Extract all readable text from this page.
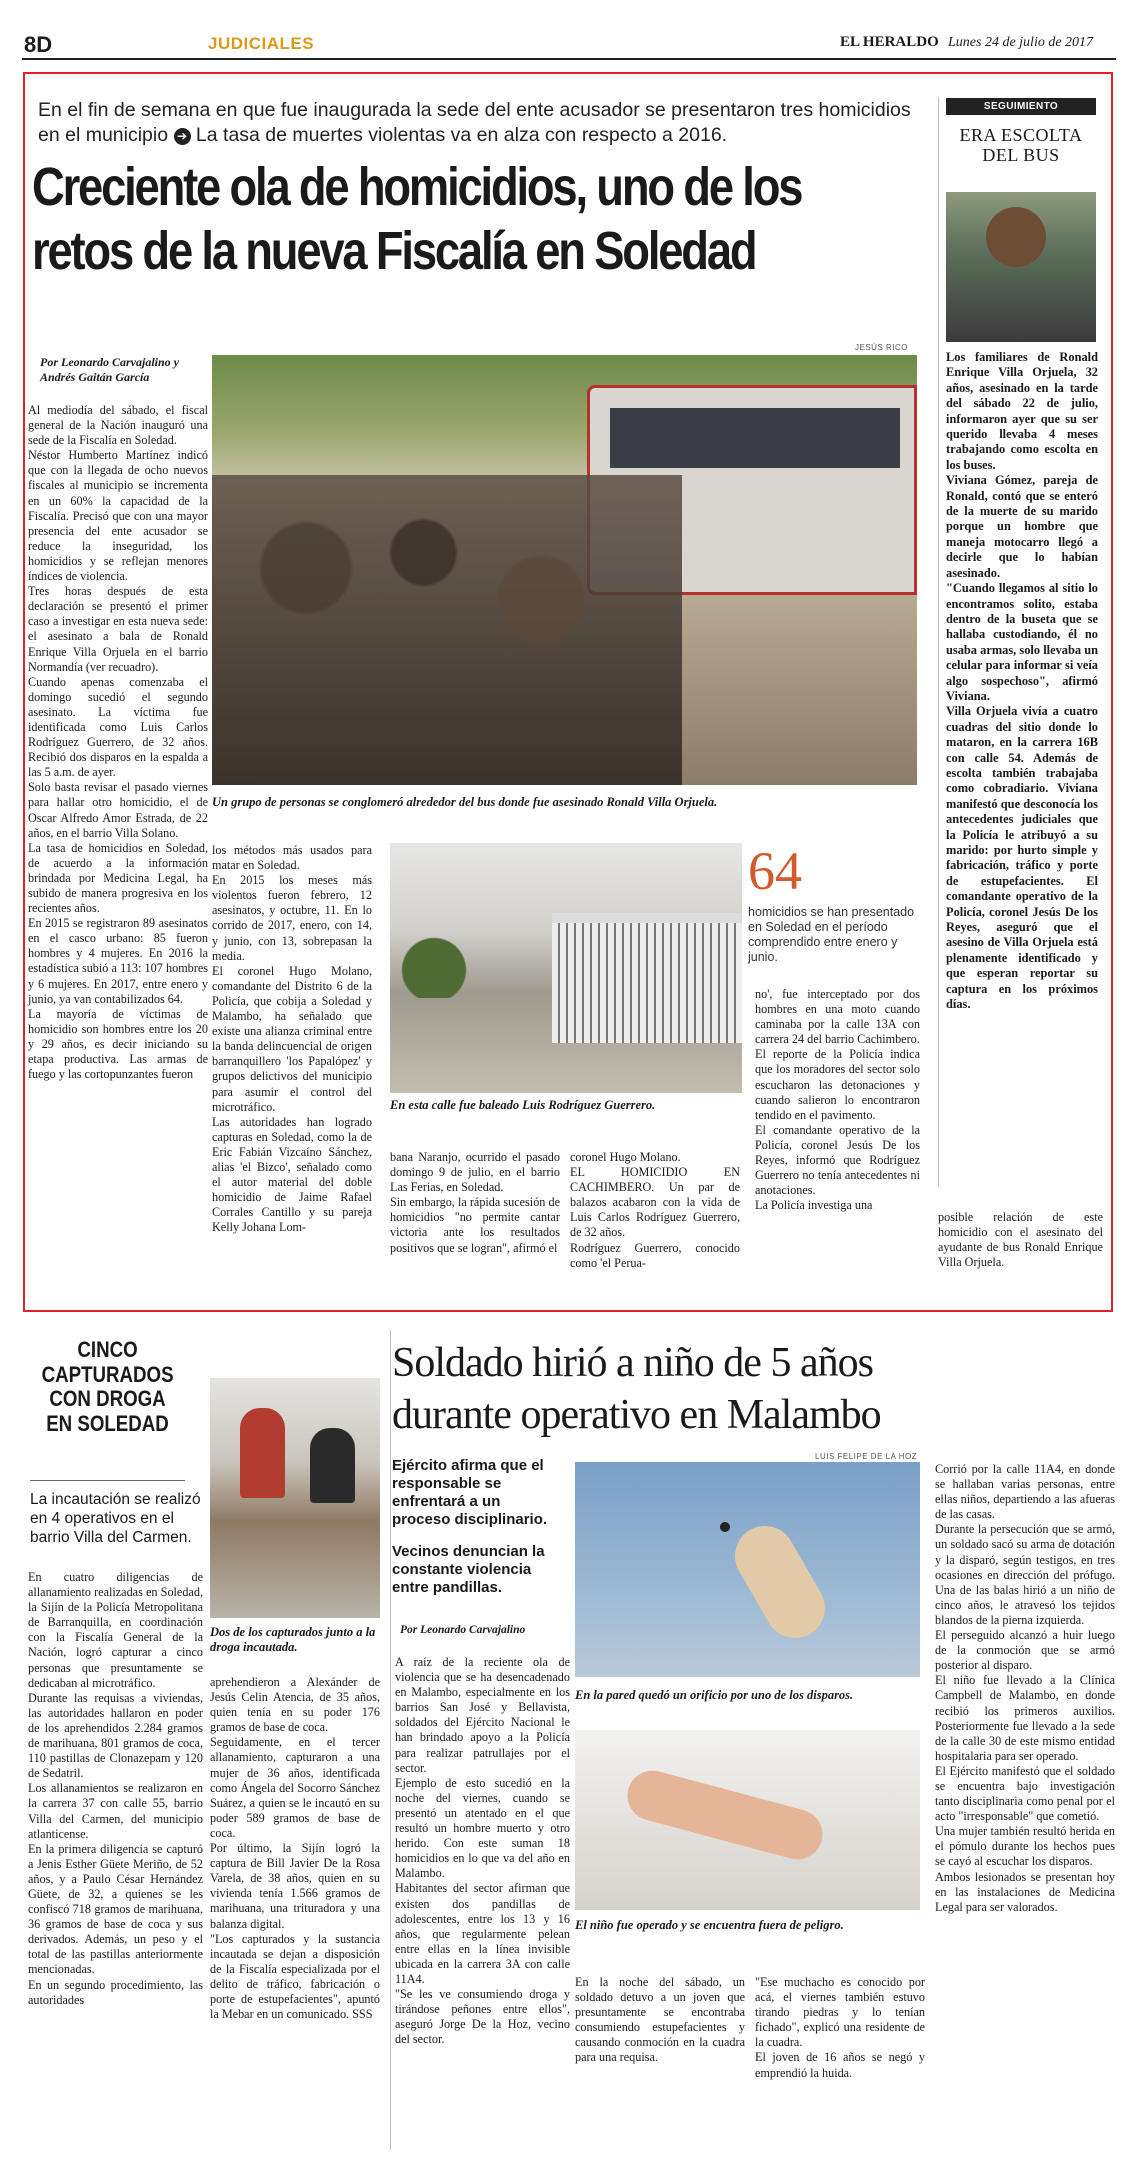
8D	JUDICIALES	EL HERALDO Lunes 24 de julio de 2017
En el fin de semana en que fue inaugurada la sede del ente acusador se presentaron tres homicidios en el municipio ➔ La tasa de muertes violentas va en alza con respecto a 2016.
Creciente ola de homicidios, uno de los
retos de la nueva Fiscalía en Soledad
Por Leonardo Carvajalino y Andrés Gaitán García
JESÚS RICO
Un grupo de personas se conglomeró alrededor del bus donde fue asesinado Ronald Villa Orjuela.

Al mediodía del sábado, el fiscal general de la Nación inauguró una sede de la Fiscalía en Soledad.
Néstor Humberto Martínez indicó que con la llegada de ocho nuevos fiscales al municipio se incrementa en un 60% la capacidad de la Fiscalía. Precisó que con una mayor presencia del ente acusador se reduce la inseguridad, los homicidios y se reflejan menores índices de violencia.
Tres horas después de esta declaración se presentó el primer caso a investigar en esta nueva sede: el asesinato a bala de Ronald Enrique Villa Orjuela en el barrio Normandía (ver recuadro).
Cuando apenas comenzaba el domingo sucedió el segundo asesinato. La víctima fue identificada como Luis Carlos Rodríguez Guerrero, de 32 años. Recibió dos disparos en la espalda a las 5 a.m. de ayer.
Solo basta revisar el pasado viernes para hallar otro homicidio, el de Oscar Alfredo Amor Estrada, de 22 años, en el barrio Villa Solano.
La tasa de homicidios en Soledad, de acuerdo a la información brindada por Medicina Legal, ha subido de manera progresiva en los recientes años.
En 2015 se registraron 89 asesinatos en el casco urbano: 85 fueron hombres y 4 mujeres. En 2016 la estadística subió a 113: 107 hombres y 6 mujeres. En 2017, entre enero y junio, ya van contabilizados 64.
La mayoría de víctimas de homicidio son hombres entre los 20 y 29 años, es decir iniciando su etapa productiva. Las armas de fuego y las cortopunzantes fueron

los métodos más usados para matar en Soledad.
En 2015 los meses más violentos fueron febrero, 12 asesinatos, y octubre, 11. En lo corrido de 2017, enero, con 14, y junio, con 13, sobrepasan la media.
El coronel Hugo Molano, comandante del Distrito 6 de la Policía, que cobija a Soledad y Malambo, ha señalado que existe una alianza criminal entre la banda delincuencial de origen barranquillero 'los Papalópez' y grupos delictivos del municipio para asumir el control del microtráfico.
Las autoridades han logrado capturas en Soledad, como la de Eric Fabián Vizcaíno Sánchez, alias 'el Bizco', señalado como el autor material del doble homicidio de Jaime Rafael Corrales Cantillo y su pareja Kelly Johana Lom-

En esta calle fue baleado Luis Rodríguez Guerrero.
64
homicidios se han presentado en Soledad en el período comprendido entre enero y junio.

bana Naranjo, ocurrido el pasado domingo 9 de julio, en el barrio Las Ferias, en Soledad.
Sin embargo, la rápida sucesión de homicidios "no permite cantar victoria ante los resultados positivos que se logran", afirmó el

coronel Hugo Molano.
EL HOMICIDIO EN CACHIMBERO. Un par de balazos acabaron con la vida de Luis Carlos Rodríguez Guerrero, de 32 años.
Rodríguez Guerrero, conocido como 'el Perua-

no', fue interceptado por dos hombres en una moto cuando caminaba por la calle 13A con carrera 24 del barrio Cachimbero.
El reporte de la Policía indica que los moradores del sector solo escucharon las detonaciones y cuando salieron lo encontraron tendido en el pavimento.
El comandante operativo de la Policía, coronel Jesús De los Reyes, informó que Rodríguez Guerrero no tenía antecedentes ni anotaciones.
La Policía investiga una

posible relación de este homicidio con el asesinato del ayudante de bus Ronald Enrique Villa Orjuela.

SEGUIMIENTO
ERA ESCOLTA DEL BUS

Los familiares de Ronald Enrique Villa Orjuela, 32 años, asesinado en la tarde del sábado 22 de julio, informaron ayer que su ser querido llevaba 4 meses trabajando como escolta en los buses.
Viviana Gómez, pareja de Ronald, contó que se enteró de la muerte de su marido porque un hombre que maneja motocarro llegó a decirle que lo habían asesinado.
"Cuando llegamos al sitio lo encontramos solito, estaba dentro de la buseta que se hallaba custodiando, él no usaba armas, solo llevaba un celular para informar si veía algo sospechoso", afirmó Viviana.
Villa Orjuela vivía a cuatro cuadras del sitio donde lo mataron, en la carrera 16B con calle 54. Además de escolta también trabajaba como cobradiario. Viviana manifestó que desconocía los antecedentes judiciales que la Policía le atribuyó a su marido: por hurto simple y fabricación, tráfico y porte de estupefacientes. El comandante operativo de la Policía, coronel Jesús De los Reyes, aseguró que el asesino de Villa Orjuela está plenamente identificado y que esperan reportar su captura en los próximos días.

CINCO CAPTURADOS CON DROGA EN SOLEDAD
La incautación se realizó en 4 operativos en el barrio Villa del Carmen.
Dos de los capturados junto a la droga incautada.

En cuatro diligencias de allanamiento realizadas en Soledad, la Sijín de la Policía Metropolitana de Barranquilla, en coordinación con la Fiscalía General de la Nación, logró capturar a cinco personas que presuntamente se dedicaban al microtráfico.
Durante las requisas a viviendas, las autoridades hallaron en poder de los aprehendidos 2.284 gramos de marihuana, 801 gramos de coca, 110 pastillas de Clonazepam y 120 de Sedatril.
Los allanamientos se realizaron en la carrera 37 con calle 55, barrio Villa del Carmen, del municipio atlanticense.
En la primera diligencia se capturó a Jenis Esther Güete Meriño, de 52 años, y a Paulo César Hernández Güete, de 32, a quienes se les confiscó 718 gramos de marihuana, 36 gramos de base de coca y sus derivados. Además, un peso y el total de las pastillas anteriormente mencionadas.
En un segundo procedimiento, las autoridades

aprehendieron a Alexánder de Jesús Celin Atencia, de 35 años, quien tenía en su poder 176 gramos de base de coca.
Seguidamente, en el tercer allanamiento, capturaron a una mujer de 36 años, identificada como Ángela del Socorro Sánchez Suárez, a quien se le incautó en su poder 589 gramos de base de coca.
Por último, la Sijín logró la captura de Bill Javier De la Rosa Varela, de 38 años, quien en su vivienda tenía 1.566 gramos de marihuana, una trituradora y una balanza digital.
"Los capturados y la sustancia incautada se dejan a disposición de la Fiscalía especializada por el delito de tráfico, fabricación o porte de estupefacientes", apuntó la Mebar en un comunicado. SSS

Soldado hirió a niño de 5 años
durante operativo en Malambo
Ejército afirma que el responsable se enfrentará a un proceso disciplinario.
Vecinos denuncian la constante violencia entre pandillas.
Por Leonardo Carvajalino

A raíz de la reciente ola de violencia que se ha desencadenado en Malambo, especialmente en los barrios San José y Bellavista, soldados del Ejército Nacional le han brindado apoyo a la Policía para realizar patrullajes por el sector.
Ejemplo de esto sucedió en la noche del viernes, cuando se presentó un atentado en el que resultó un hombre muerto y otro herido. Con este suman 18 homicidios en lo que va del año en Malambo.
Habitantes del sector afirman que existen dos pandillas de adolescentes, entre los 13 y 16 años, que regularmente pelean entre ellas en la línea invisible ubicada en la carrera 3A con calle 11A4.
"Se les ve consumiendo droga y tirándose peñones entre ellos", aseguró Jorge De la Hoz, vecino del sector.

LUIS FELIPE DE LA HOZ
En la pared quedó un orificio por uno de los disparos.
El niño fue operado y se encuentra fuera de peligro.

En la noche del sábado, un soldado detuvo a un joven que presuntamente se encontraba consumiendo estupefacientes y causando conmoción en la cuadra para una requisa.

"Ese muchacho es conocido por acá, el viernes también estuvo tirando piedras y lo tenían fichado", explicó una residente de la cuadra.
El joven de 16 años se negó y emprendió la huida.

Corrió por la calle 11A4, en donde se hallaban varias personas, entre ellas niños, departiendo a las afueras de las casas.
Durante la persecución que se armó, un soldado sacó su arma de dotación y la disparó, según testigos, en tres ocasiones en dirección del prófugo. Una de las balas hirió a un niño de cinco años, le atravesó los tejidos blandos de la pierna izquierda.
El perseguido alcanzó a huir luego de la conmoción que se armó posterior al disparo.
El niño fue llevado a la Clínica Campbell de Malambo, en donde recibió los primeros auxilios. Posteriormente fue llevado a la sede de la calle 30 de este mismo entidad hospitalaria para ser operado.
El Ejército manifestó que el soldado se encuentra bajo investigación tanto disciplinaria como penal por el acto "irresponsable" que cometió.
Una mujer también resultó herida en el pómulo durante los hechos pues se cayó al escuchar los disparos.
Ambos lesionados se presentan hoy en las instalaciones de Medicina Legal para ser valorados.
